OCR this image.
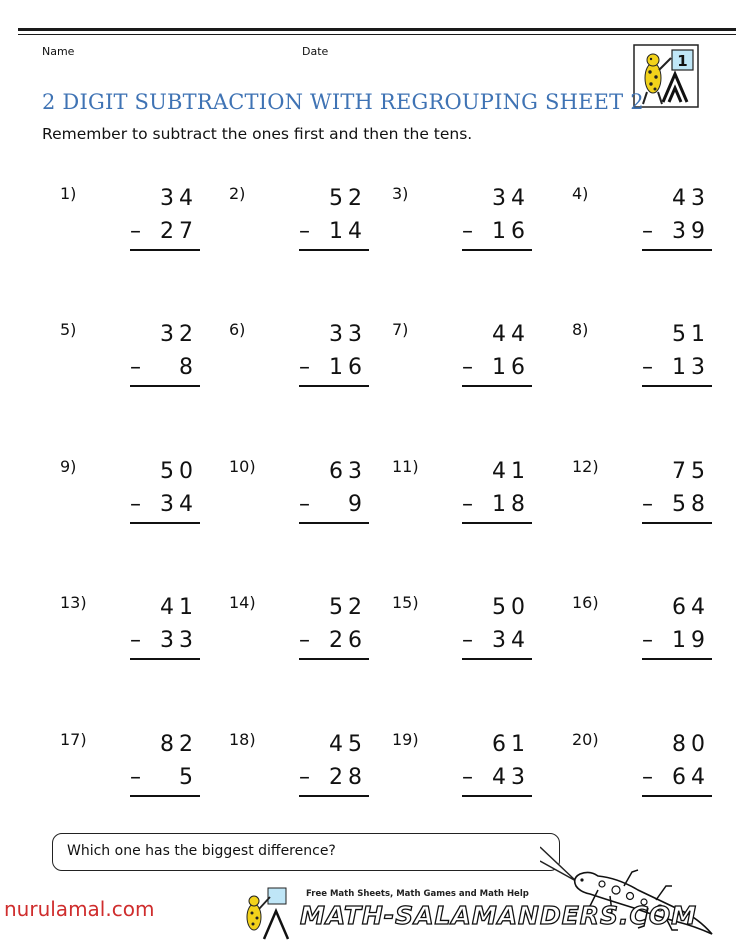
Name	Date
1
2 DIGIT SUBTRACTION WITH REGROUPING SHEET 2
Remember to subtract the ones first and then the tens.
1)	34
– 27
2)	52
– 14
3)	34
– 16
4)	43
– 39
5)	32
– 8
6)	33
– 16
7)	44
– 16
8)	51
– 13
9)	50
– 34
10)	63
– 9
11)	41
– 18
12)	75
– 58
13)	41
– 33
14)	52
– 26
15)	50
– 34
16)	64
– 19
17)	82
– 5
18)	45
– 28
19)	61
– 43
20)	80
– 64
Which one has the biggest difference?
nurulamal.com
Free Math Sheets, Math Games and Math Help
MATH-SALAMANDERS.COM
